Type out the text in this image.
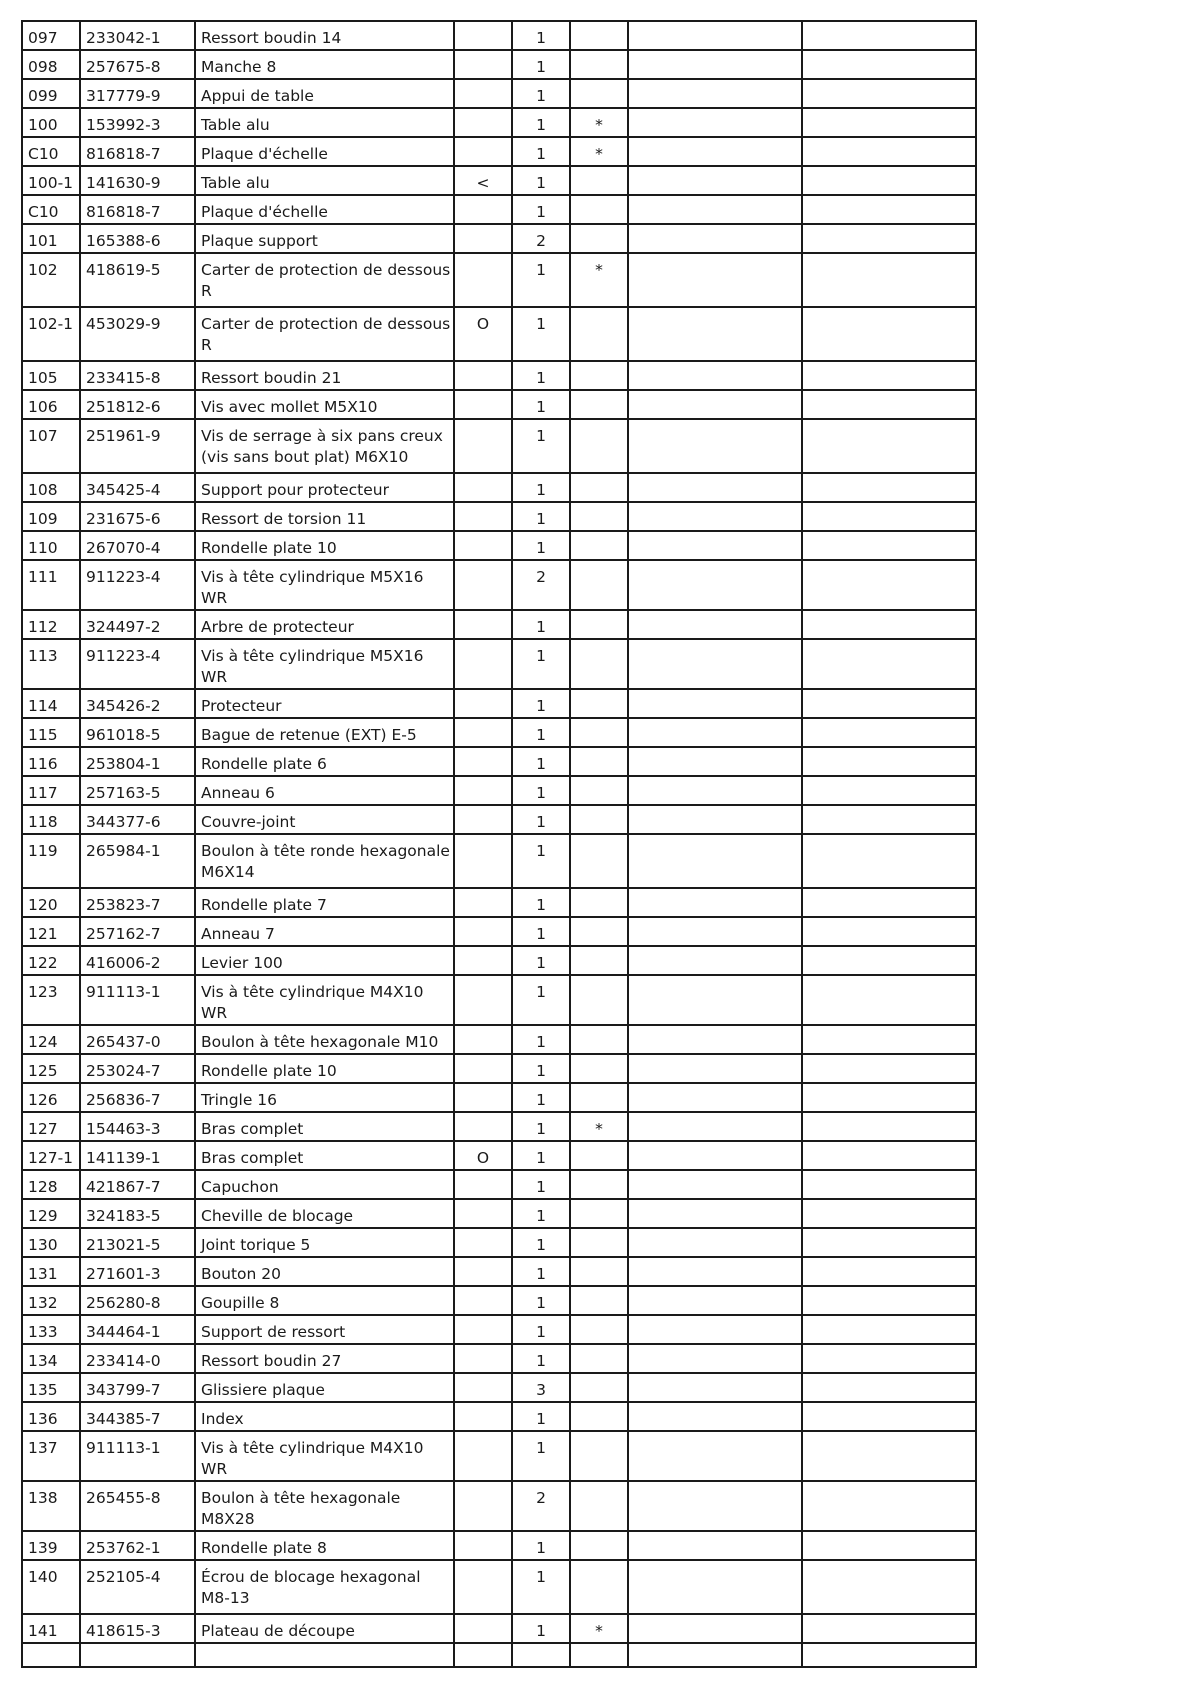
097	233042-1	Ressort boudin 14		1			
098	257675-8	Manche 8		1			
099	317779-9	Appui de table		1			
100	153992-3	Table alu		1	*		
C10	816818-7	Plaque d'échelle		1	*		
100-1	141630-9	Table alu	<	1			
C10	816818-7	Plaque d'échelle		1			
101	165388-6	Plaque support		2			
102	418619-5	Carter de protection de dessous R		1	*		
102-1	453029-9	Carter de protection de dessous R	O	1			
105	233415-8	Ressort boudin 21		1			
106	251812-6	Vis avec mollet M5X10		1			
107	251961-9	Vis de serrage à six pans creux (vis sans bout plat) M6X10		1			
108	345425-4	Support pour protecteur		1			
109	231675-6	Ressort de torsion 11		1			
110	267070-4	Rondelle plate 10		1			
111	911223-4	Vis à tête cylindrique M5X16 WR		2			
112	324497-2	Arbre de protecteur		1			
113	911223-4	Vis à tête cylindrique M5X16 WR		1			
114	345426-2	Protecteur		1			
115	961018-5	Bague de retenue (EXT) E-5		1			
116	253804-1	Rondelle plate 6		1			
117	257163-5	Anneau 6		1			
118	344377-6	Couvre-joint		1			
119	265984-1	Boulon à tête ronde hexagonale M6X14		1			
120	253823-7	Rondelle plate 7		1			
121	257162-7	Anneau 7		1			
122	416006-2	Levier 100		1			
123	911113-1	Vis à tête cylindrique M4X10 WR		1			
124	265437-0	Boulon à tête hexagonale M10		1			
125	253024-7	Rondelle plate 10		1			
126	256836-7	Tringle 16		1			
127	154463-3	Bras complet		1	*		
127-1	141139-1	Bras complet	O	1			
128	421867-7	Capuchon		1			
129	324183-5	Cheville de blocage		1			
130	213021-5	Joint torique 5		1			
131	271601-3	Bouton 20		1			
132	256280-8	Goupille 8		1			
133	344464-1	Support de ressort		1			
134	233414-0	Ressort boudin 27		1			
135	343799-7	Glissiere plaque		3			
136	344385-7	Index		1			
137	911113-1	Vis à tête cylindrique M4X10 WR		1			
138	265455-8	Boulon à tête hexagonale M8X28		2			
139	253762-1	Rondelle plate 8		1			
140	252105-4	Écrou de blocage hexagonal M8-13		1			
141	418615-3	Plateau de découpe		1	*		
